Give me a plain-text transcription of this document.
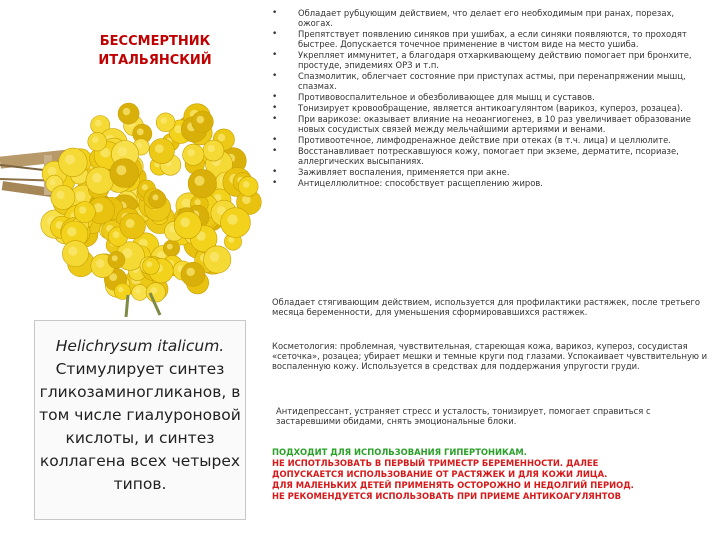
БЕССМЕРТНИК
ИТАЛЬЯНСКИЙ
Helichrysum italicum.
Стимулирует синтез гликозаминогликанов, в том числе гиалуроновой кислоты, и синтез коллагена всех четырех типов.
• Обладает рубцующим действием, что делает его необходимым при ранах, порезах, ожогах.
• Препятствует появлению синяков при ушибах, а если синяки появляются, то проходят быстрее. Допускается точечное применение в чистом виде на место ушиба.
• Укрепляет иммунитет, а благодаря отхаркивающему действию помогает при бронхите, простуде, эпидемиях ОРЗ и т.п.
• Спазмолитик, облегчает состояние при приступах астмы, при перенапряжении мышц, спазмах.
• Противовоспалительное и обезболивающее для мышц и суставов.
• Тонизирует кровообращение, является антикоагулянтом (варикоз, купероз, розацеа).
• При варикозе: оказывает влияние на неоангиогенез, в 10 раз увеличивает образование новых сосудистых связей между мельчайшими артериями и венами.
• Противоотечное, лимфодренажное действие при отеках (в т.ч. лица) и целлюлите.
• Восстанавливает потрескавшуюся кожу, помогает при экземе, дерматите, псориазе, аллергических высыпаниях.
• Заживляет воспаления, применяется при акне.
• Антицеллюлитное: способствует расщеплению жиров.

Обладает стягивающим действием, используется для профилактики растяжек, после третьего месяца беременности, для уменьшения сформировавшихся растяжек.

Косметология: проблемная, чувствительная, стареющая кожа, варикоз, купероз, сосудистая «сеточка», розацеа; убирает мешки и темные круги под глазами. Успокаивает чувствительную и воспаленную кожу. Используется в средствах для поддержания упругости груди.

Антидепрессант, устраняет стресс и усталость, тонизирует, помогает справиться с застаревшими обидами, снять эмоциональные блоки.

ПОДХОДИТ ДЛЯ ИСПОЛЬЗОВАНИЯ ГИПЕРТОНИКАМ.
НЕ ИСПОТЛЬЗОВАТЬ В ПЕРВЫЙ ТРИМЕСТР БЕРЕМЕННОСТИ. ДАЛЕЕ
ДОПУСКАЕТСЯ ИСПОЛЬЗОВАНИЕ ОТ РАСТЯЖЕК И ДЛЯ КОЖИ ЛИЦА.
ДЛЯ МАЛЕНЬКИХ ДЕТЕЙ ПРИМЕНЯТЬ ОСТОРОЖНО И НЕДОЛГИЙ ПЕРИОД.
НЕ РЕКОМЕНДУЕТСЯ ИСПОЛЬЗОВАТЬ ПРИ ПРИЕМЕ АНТИКОАГУЛЯНТОВ
